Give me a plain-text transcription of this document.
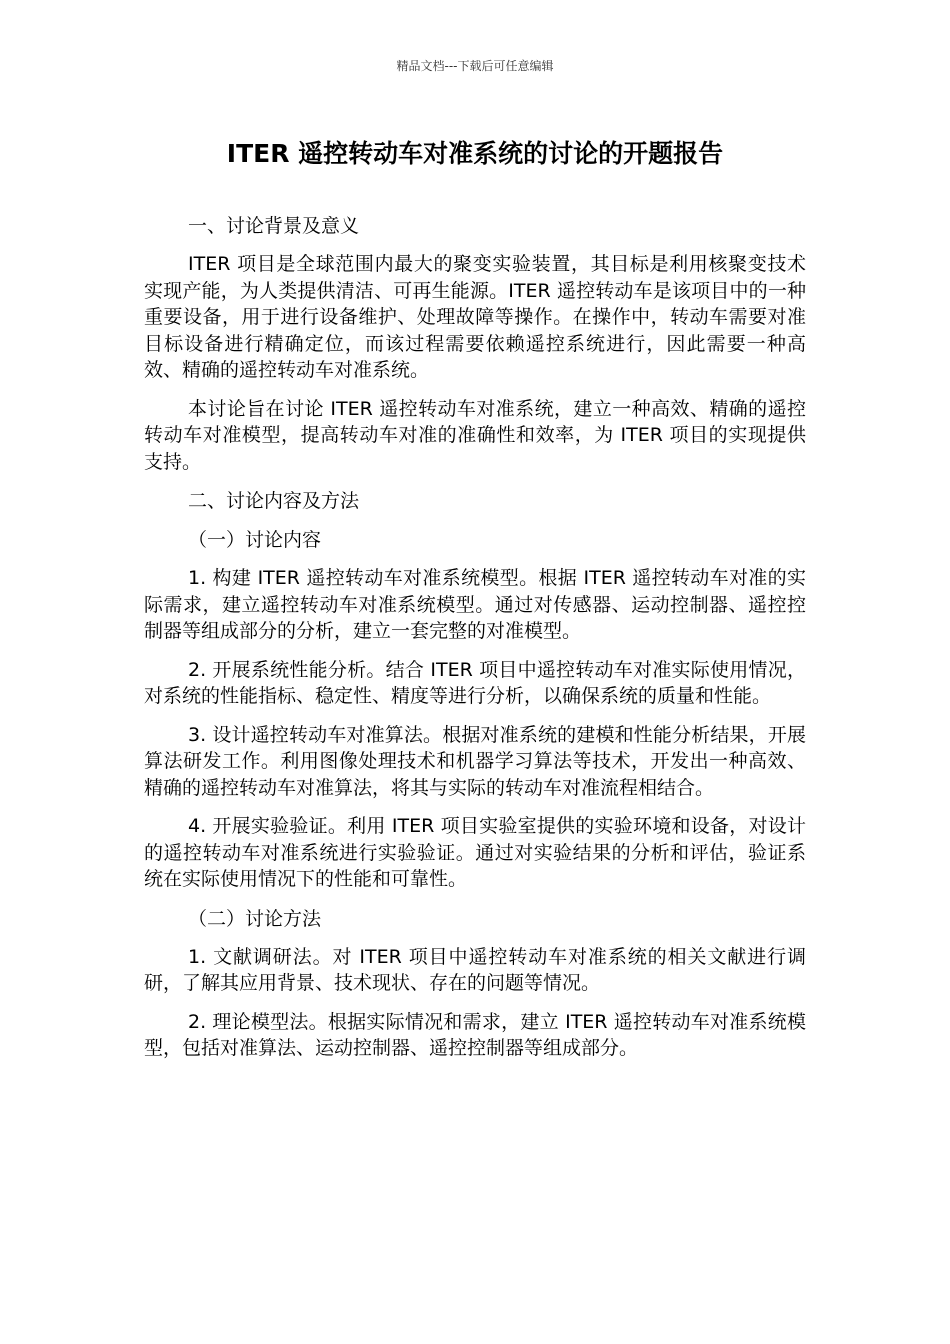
精品文档---下载后可任意编辑
ITER 遥控转动车对准系统的讨论的开题报告
一、讨论背景及意义

ITER 项目是全球范围内最大的聚变实验装置，其目标是利用核聚变技术实现产能，为人类提供清洁、可再生能源。ITER 遥控转动车是该项目中的一种重要设备，用于进行设备维护、处理故障等操作。在操作中，转动车需要对准目标设备进行精确定位，而该过程需要依赖遥控系统进行，因此需要一种高效、精确的遥控转动车对准系统。

本讨论旨在讨论 ITER 遥控转动车对准系统，建立一种高效、精确的遥控转动车对准模型，提高转动车对准的准确性和效率，为 ITER 项目的实现提供支持。

二、讨论内容及方法
（一）讨论内容

1. 构建 ITER 遥控转动车对准系统模型。根据 ITER 遥控转动车对准的实际需求，建立遥控转动车对准系统模型。通过对传感器、运动控制器、遥控控制器等组成部分的分析，建立一套完整的对准模型。

2. 开展系统性能分析。结合 ITER 项目中遥控转动车对准实际使用情况，对系统的性能指标、稳定性、精度等进行分析，以确保系统的质量和性能。

3. 设计遥控转动车对准算法。根据对准系统的建模和性能分析结果，开展算法研发工作。利用图像处理技术和机器学习算法等技术，开发出一种高效、精确的遥控转动车对准算法，将其与实际的转动车对准流程相结合。

4. 开展实验验证。利用 ITER 项目实验室提供的实验环境和设备，对设计的遥控转动车对准系统进行实验验证。通过对实验结果的分析和评估，验证系统在实际使用情况下的性能和可靠性。

（二）讨论方法

1. 文献调研法。对 ITER 项目中遥控转动车对准系统的相关文献进行调研，了解其应用背景、技术现状、存在的问题等情况。

2. 理论模型法。根据实际情况和需求，建立 ITER 遥控转动车对准系统模型，包括对准算法、运动控制器、遥控控制器等组成部分。
